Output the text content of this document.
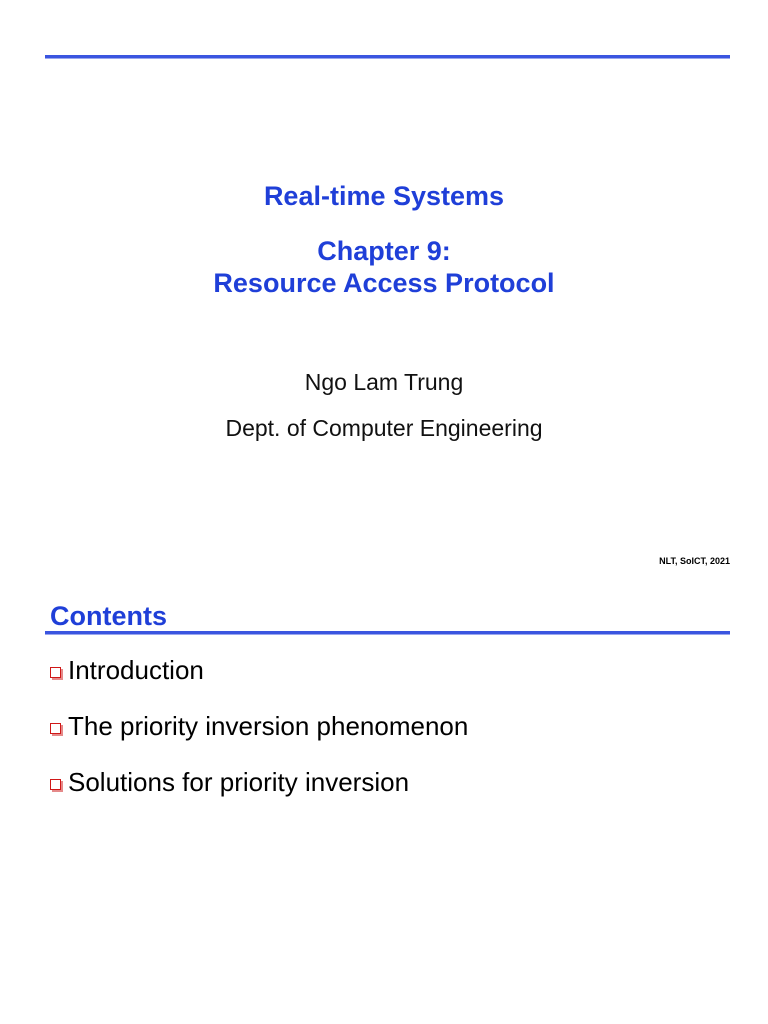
Real-time Systems
Chapter 9:
Resource Access Protocol
Ngo Lam Trung
Dept. of Computer Engineering
NLT, SoICT, 2021
Contents
Introduction
The priority inversion phenomenon
Solutions for priority inversion
